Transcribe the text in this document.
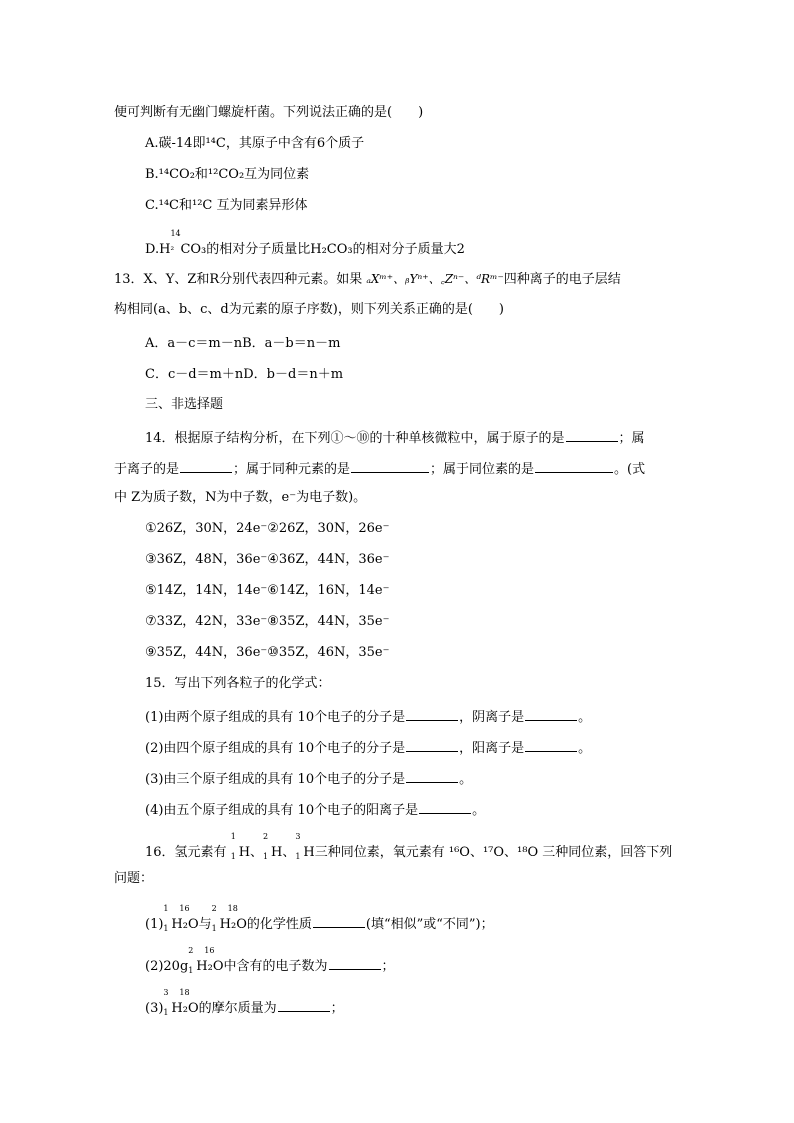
便可判断有无幽门螺旋杆菌。下列说法正确的是(　　)
A.碳-14即¹⁴C，其原子中含有6个质子
B.¹⁴CO₂和¹²CO₂互为同位素
C.¹⁴C和¹²C 互为同素异形体
D.H
14
₂ CO₃的相对分子质量比H₂CO₃的相对分子质量大2
13．X、Y、Z和R分别代表四种元素。如果 ₐXᵐ⁺、ᵦYⁿ⁺、꜀Zⁿ⁻、ᵈRᵐ⁻四种离子的电子层结
构相同(a、b、c、d为元素的原子序数)，则下列关系正确的是(　　)
A．a－c＝m－nB．a－b＝n－m
C．c－d＝m＋nD．b－d＝n＋m
三、非选择题
14．根据原子结构分析，在下列①～⑩的十种单核微粒中，属于原子的是	；属
于离子的是	；属于同种元素的是	；属于同位素的是	。(式
中 Z为质子数，N为中子数，e⁻为电子数)。
①26Z，30N，24e⁻②26Z，30N，26e⁻
③36Z，48N，36e⁻④36Z，44N，36e⁻
⑤14Z，14N，14e⁻⑥14Z，16N，14e⁻
⑦33Z，42N，33e⁻⑧35Z，44N，35e⁻
⑨35Z，44N，36e⁻⑩35Z，46N，35e⁻
15．写出下列各粒子的化学式：
(1)由两个原子组成的具有 10个电子的分子是	，阴离子是	。
(2)由四个原子组成的具有 10个电子的分子是	，阳离子是	。
(3)由三个原子组成的具有 10个电子的分子是	。
(4)由五个原子组成的具有 10个电子的阳离子是	。
16．氢元素有
1
1 H、
2
1 H、
3
1 H三种同位素，氧元素有 ¹⁶O、¹⁷O、¹⁸O 三种同位素，回答下列
问题：
(1)
1
1
16
H₂O与
2
1
18
H₂O的化学性质	(填“相似”或“不同”)；
(2)20g
2
1
16
H₂O中含有的电子数为	；
(3)
3
1
18
H₂O的摩尔质量为	；
